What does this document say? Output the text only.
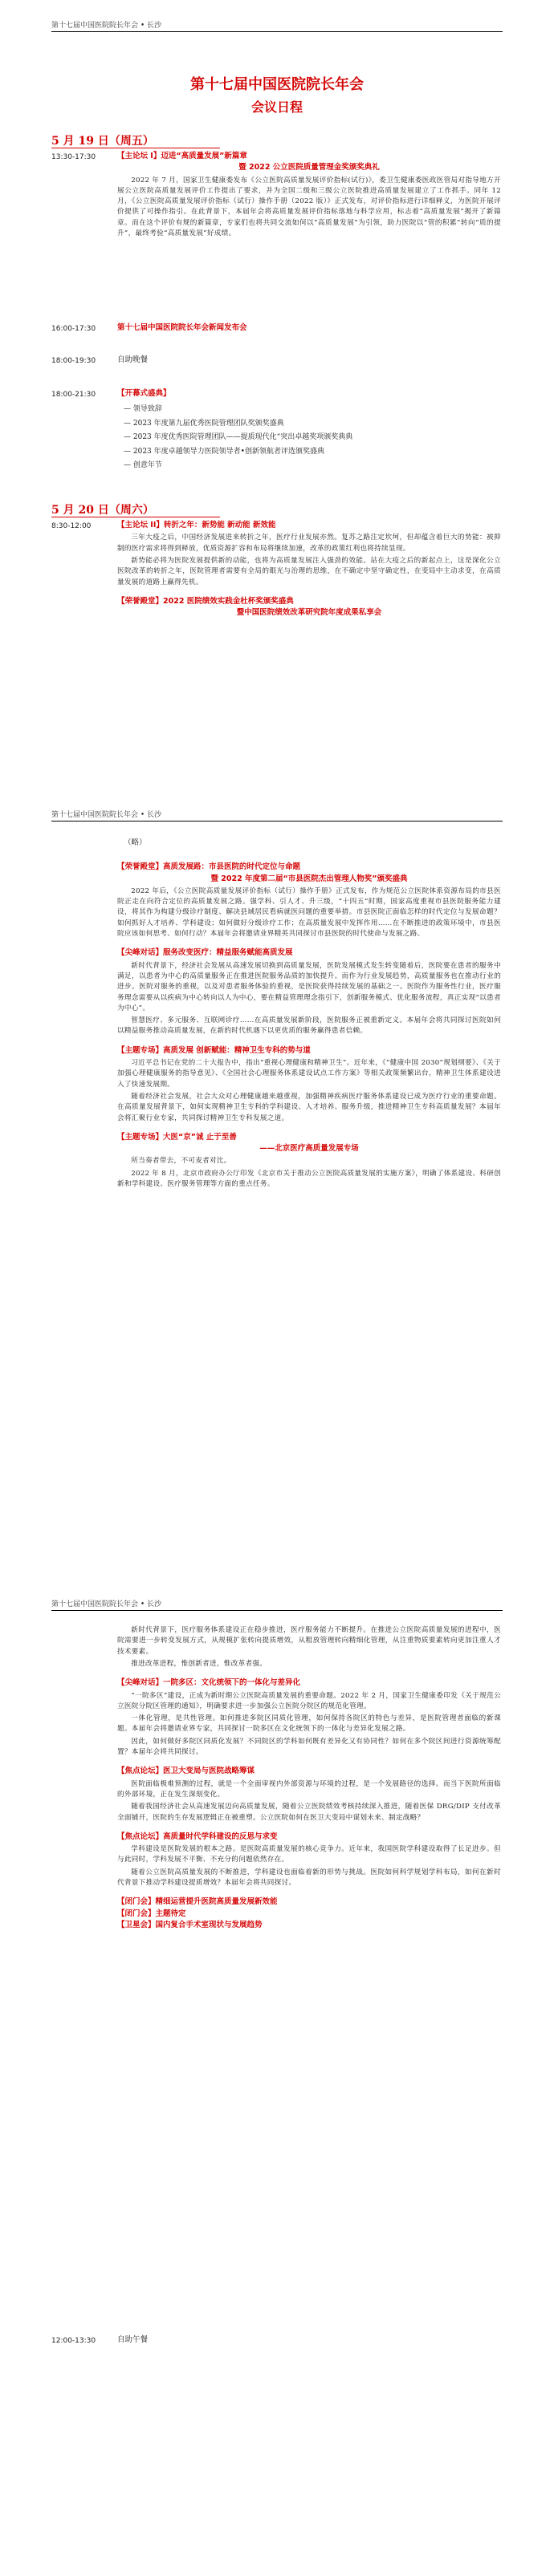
第十七届中国医院院长年会 • 长沙
第十七届中国医院院长年会
会议日程
5 月 19 日（周五）
13:30-17:30	【主论坛 I】迈进“高质量发展”新篇章
暨 2022 公立医院质量管理金奖颁奖典礼

2022 年 7 月，国家卫生健康委发布《公立医院高质量发展评价指标(试行)》，委卫生健康委医政医管局对指导地方开展公立医院高质量发展评价工作提出了要求，并为全国二级和三级公立医院推进高质量发展建立了工作抓手。同年 12 月，《公立医院高质量发展评价指标（试行）操作手册（2022 版）》正式发布，对评价指标进行详细释义，为医院开展评价提供了可操作指引。在此背景下，本届年会将高质量发展评价指标落地与科学应用，标志着“高质量发展”揭开了新篇章。而在这个评价有规的新篇章，专家们也将共同交流如何以“高质量发展”为引领，助力医院以“管的积累”转向“质的提升”，最终考验“高质量发展”好成绩。

16:00-17:30	第十七届中国医院院长年会新闻发布会
18:00-19:30	自助晚餐
18:00-21:30	【开幕式盛典】
— 领导致辞
— 2023 年度第九届优秀医院管理团队奖颁奖盛典
— 2023 年度优秀医院管理团队——提质现代化“突出卓越奖项颁奖典典
— 2023 年度卓越领导力医院领导者•创新领航者评选颁奖盛典
— 创意年节
5 月 20 日（周六）
8:30-12:00	【主论坛 II】转折之年：新势能 新动能 新效能

三年大疫之后，中国经济发展进来转折之年，医疗行业发展亦然。复苏之路注定坎坷，但却蕴含着巨大的势能：被抑制的医疗需求将得到释放，优质资源扩容和布局将继续加速，改革的政策红利也将持续显现。

新势能必将为医院发展提供新的动能，也将为高质量发展注入强劲的效能。站在大疫之后的新起点上，这是深化公立医院改革的转折之年，医院管理者需要有全局的眼光与治理的思维，在不确定中坚守确定性，在变局中主动求变，在高质量发展的道路上赢得先机。

【荣誉殿堂】2022 医院绩效实践金杜杯奖颁奖盛典
暨中国医院绩效改革研究院年度成果私享会
第十七届中国医院院长年会 • 长沙
（略）
【荣誉殿堂】高质发展路：市县医院的时代定位与命题
暨 2022 年度第二届“市县医院杰出管理人物奖”颁奖盛典

2022 年后，《公立医院高质量发展评价指标（试行）操作手册》正式发布，作为规范公立医院体系资源布局的市县医院正走在向符合定位的高质量发展之路。强学科、引人才、升三级，“十四五”时期，国家高度重视市县医院服务能力建设，将其作为构建分级诊疗制度、解决县域居民看病就医问题的重要举措。市县医院正面临怎样的时代定位与发展命题？如何抓好人才培养、学科建设；如何做好分级诊疗工作；在高质量发展中发挥作用……在不断推进的政策环境中，市县医院应该如何思考、如何行动？本届年会将邀请业界精英共同探讨市县医院的时代使命与发展之路。

【尖峰对话】服务改变医疗：精益服务赋能高质发展

新时代背景下，经济社会发展从高速发展切换到高质量发展，医院发展模式发生转变随着后，医院要在患者的服务中满足，以患者为中心的高质量服务正在推进医院服务品质的加快提升。而作为行业发展趋势，高质量服务也在推动行业的进步。医院对服务的重视，以及对患者服务体验的重视，是医院获得持续发展的基础之一。医院作为服务性行业，医疗服务理念需要从以疾病为中心转向以人为中心，要在精益管理理念指引下，创新服务模式、优化服务流程，真正实现“以患者为中心”。

智慧医疗、多元服务、互联网诊疗……在高质量发展新阶段，医院服务正被重新定义。本届年会将共同探讨医院如何以精益服务推动高质量发展，在新的时代机遇下以更优质的服务赢得患者信赖。

【主题专场】高质发展 创新赋能：精神卫生专科的势与道

习近平总书记在党的二十大报告中，指出“重视心理健康和精神卫生”。近年来，《“健康中国 2030”规划纲要》、《关于加强心理健康服务的指导意见》、《全国社会心理服务体系建设试点工作方案》等相关政策频繁出台，精神卫生体系建设进入了快速发展期。

随着经济社会发展，社会大众对心理健康越来越重视，加强精神疾病医疗服务体系建设已成为医疗行业的重要命题。在高质量发展背景下，如何实现精神卫生专科的学科建设、人才培养、服务升级，推进精神卫生专科高质量发展？本届年会将汇聚行业专家，共同探讨精神卫生专科发展之道。

【主题专场】大医“京”诚 止于至善
——北京医疗高质量发展专场

所当奏者带去，不可麦者对比。

2022 年 8 月，北京市政府办公厅印发《北京市关于推动公立医院高质量发展的实施方案》，明确了体系建设、科研创新和学科建设、医疗服务管理等方面的重点任务。

第十七届中国医院院长年会 • 长沙

新时代背景下，医疗服务体系建设正在稳步推进，医疗服务能力不断提升。在推进公立医院高质量发展的进程中，医院需要进一步转变发展方式，从规模扩张转向提质增效，从粗放管理转向精细化管理，从注重物质要素转向更加注重人才技术要素。

推进改革进程，惟创新者进，惟改革者强。

【尖峰对话】一院多区：文化统领下的一体化与差异化

“一院多区”建设，正成为新时期公立医院高质量发展的重要命题。2022 年 2 月，国家卫生健康委印发《关于规范公立医院分院区管理的通知》，明确要求进一步加强公立医院分院区的规范化管理。

一体化管理，是共性管理。如何推进多院区同质化管理，如何保持各院区的特色与差异，是医院管理者面临的新课题。本届年会将邀请业界专家，共同探讨一院多区在文化统领下的一体化与差异化发展之路。

因此，如何做好多院区同质化发展？不同院区的学科如何既有差异化又有协同性？如何在多个院区间进行资源统筹配置？本届年会将共同探讨。

【焦点论坛】医卫大变局与医院战略筹谋

医院面临极难预测的过程，就是一个全面审视内外部资源与环境的过程，是一个发展路径的选择。而当下医院所面临的外部环境，正在发生深刻变化。

随着我国经济社会从高速发展迈向高质量发展，随着公立医院绩效考核持续深入推进，随着医保 DRG/DIP 支付改革全面铺开，医院的生存发展逻辑正在被重塑。公立医院如何在医卫大变局中谋划未来、制定战略？

【焦点论坛】高质量时代学科建设的反思与求变

学科建设是医院发展的根本之路。是医院高质量发展的核心竞争力。近年来，我国医院学科建设取得了长足进步。但与此同时，学科发展不平衡、不充分的问题依然存在。

随着公立医院高质量发展的不断推进，学科建设也面临着新的形势与挑战。医院如何科学规划学科布局，如何在新时代背景下推动学科建设提质增效？本届年会将共同探讨。

【闭门会】精细运营提升医院高质量发展新效能
【闭门会】主题待定
【卫星会】国内复合手术室现状与发展趋势
12:00-13:30	自助午餐
